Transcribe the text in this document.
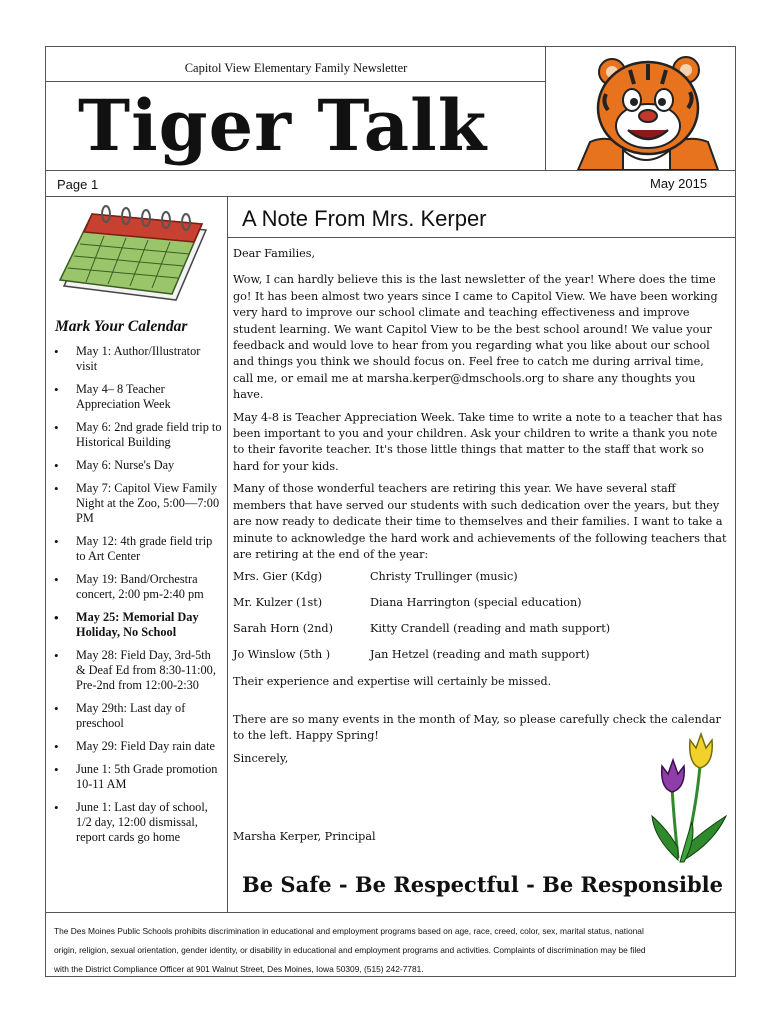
Capitol View Elementary Family Newsletter
Tiger Talk
Page 1	May 2015
Mark Your Calendar
• May 1: Author/Illustrator visit
• May 4– 8 Teacher Appreciation Week
• May 6: 2nd grade field trip to Historical Building
• May 6: Nurse's Day
• May 7: Capitol View Family Night at the Zoo, 5:00—7:00 PM
• May 12: 4th grade field trip to Art Center
• May 19: Band/Orchestra concert, 2:00 pm-2:40 pm
• May 25: Memorial Day Holiday, No School
• May 28: Field Day, 3rd-5th & Deaf Ed from 8:30-11:00, Pre-2nd from 12:00-2:30
• May 29th: Last day of preschool
• May 29: Field Day rain date
• June 1: 5th Grade promotion 10-11 AM
• June 1: Last day of school, 1/2 day, 12:00 dismissal, report cards go home
A Note From Mrs. Kerper

Dear Families,

Wow, I can hardly believe this is the last newsletter of the year! Where does the time go! It has been almost two years since I came to Capitol View. We have been working very hard to improve our school climate and teaching effectiveness and improve student learning. We want Capitol View to be the best school around! We value your feedback and would love to hear from you regarding what you like about our school and things you think we should focus on. Feel free to catch me during arrival time, call me, or email me at marsha.kerper@dmschools.org to share any thoughts you have.

May 4-8 is Teacher Appreciation Week. Take time to write a note to a teacher that has been important to you and your children. Ask your children to write a thank you note to their favorite teacher. It's those little things that matter to the staff that work so hard for your kids.

Many of those wonderful teachers are retiring this year. We have several staff members that have served our students with such dedication over the years, but they are now ready to dedicate their time to themselves and their families. I want to take a minute to acknowledge the hard work and achievements of the following teachers that are retiring at the end of the year:

Mrs. Gier (Kdg)	Christy Trullinger (music)
Mr. Kulzer (1st)	Diana Harrington (special education)
Sarah Horn (2nd)	Kitty Crandell (reading and math support)
Jo Winslow (5th )	Jan Hetzel (reading and math support)
Their experience and expertise will certainly be missed.
There are so many events in the month of May, so please carefully check the calendar to the left. Happy Spring!
Sincerely,
Marsha Kerper, Principal
Be Safe - Be Respectful - Be Responsible
The Des Moines Public Schools prohibits discrimination in educational and employment programs based on age, race, creed, color, sex, marital status, national
origin, religion, sexual orientation, gender identity, or disability in educational and employment programs and activities. Complaints of discrimination may be filed
with the District Compliance Officer at 901 Walnut Street, Des Moines, Iowa 50309, (515) 242-7781.
